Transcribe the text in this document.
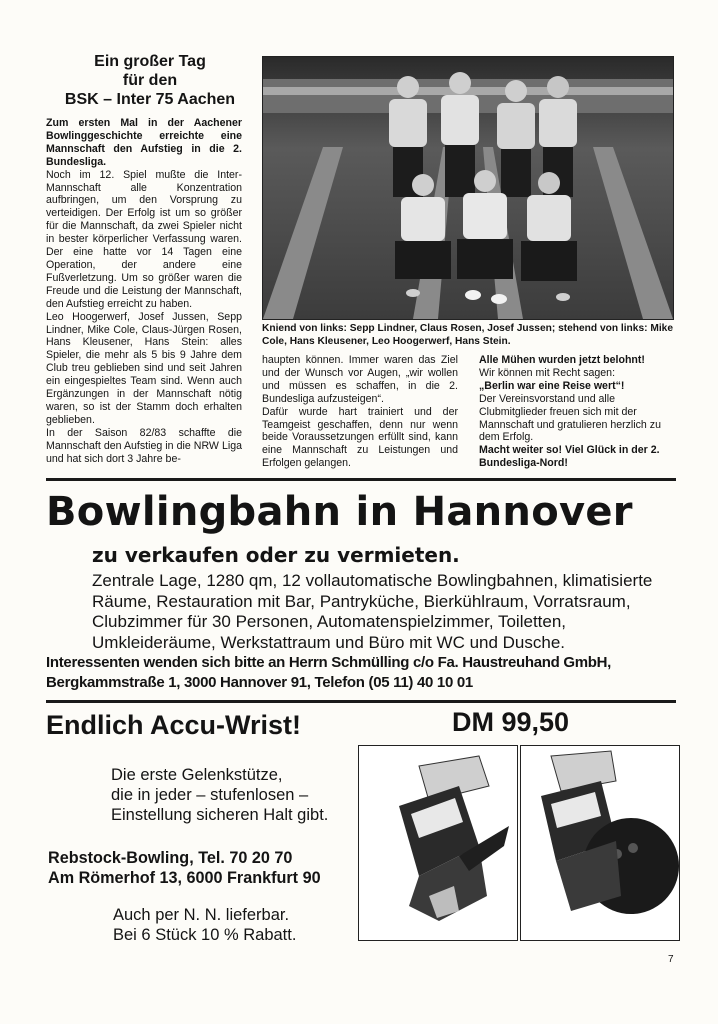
Ein großer Tag
für den
BSK – Inter 75 Aachen

Zum ersten Mal in der Aachener Bowlinggeschichte erreichte eine Mannschaft den Aufstieg in die 2. Bundesliga.

Noch im 12. Spiel mußte die Inter-Mannschaft alle Konzentration aufbringen, um den Vorsprung zu verteidigen. Der Erfolg ist um so größer für die Mannschaft, da zwei Spieler nicht in bester körperlicher Verfassung waren. Der eine hatte vor 14 Tagen eine Operation, der andere eine Fußverletzung. Um so größer waren die Freude und die Leistung der Mannschaft, den Aufstieg erreicht zu haben.

Leo Hoogerwerf, Josef Jussen, Sepp Lindner, Mike Cole, Claus-Jürgen Rosen, Hans Kleusener, Hans Stein: alles Spieler, die mehr als 5 bis 9 Jahre dem Club treu geblieben sind und seit Jahren ein eingespieltes Team sind. Wenn auch Ergänzungen in der Mannschaft nötig waren, so ist der Stamm doch erhalten geblieben.

In der Saison 82/83 schaffte die Mannschaft den Aufstieg in die NRW Liga und hat sich dort 3 Jahre be-

Kniend von links: Sepp Lindner, Claus Rosen, Josef Jussen; stehend von links: Mike Cole, Hans Kleusener, Leo Hoogerwerf, Hans Stein.
haupten können. Immer waren das Ziel und der Wunsch vor Augen, „wir wollen und müssen es schaffen, in die 2. Bundesliga aufzusteigen“.
Dafür wurde hart trainiert und der Teamgeist geschaffen, denn nur wenn beide Voraussetzungen erfüllt sind, kann eine Mannschaft zu Leistungen und Erfolgen gelangen.
Alle Mühen wurden jetzt belohnt!
Wir können mit Recht sagen:
„Berlin war eine Reise wert“!
Der Vereinsvorstand und alle Clubmitglieder freuen sich mit der Mannschaft und gratulieren herzlich zu dem Erfolg.
Macht weiter so! Viel Glück in der 2. Bundesliga-Nord!
Bowlingbahn in Hannover
zu verkaufen oder zu vermieten.
Zentrale Lage, 1280 qm, 12 vollautomatische Bowlingbahnen, klimatisierte Räume, Restauration mit Bar, Pantryküche, Bierkühlraum, Vorratsraum, Clubzimmer für 30 Personen, Automatenspielzimmer, Toiletten, Umkleideräume, Werkstattraum und Büro mit WC und Dusche.
Interessenten wenden sich bitte an Herrn Schmülling c/o Fa. Haustreuhand GmbH,
Bergkammstraße 1, 3000 Hannover 91, Telefon (05 11) 40 10 01
Endlich Accu-Wrist!	DM 99,50
Die erste Gelenkstütze,
die in jeder – stufenlosen –
Einstellung sicheren Halt gibt.
Rebstock-Bowling, Tel. 70 20 70
Am Römerhof 13, 6000 Frankfurt 90
Auch per N. N. lieferbar.
Bei 6 Stück 10 % Rabatt.
7
